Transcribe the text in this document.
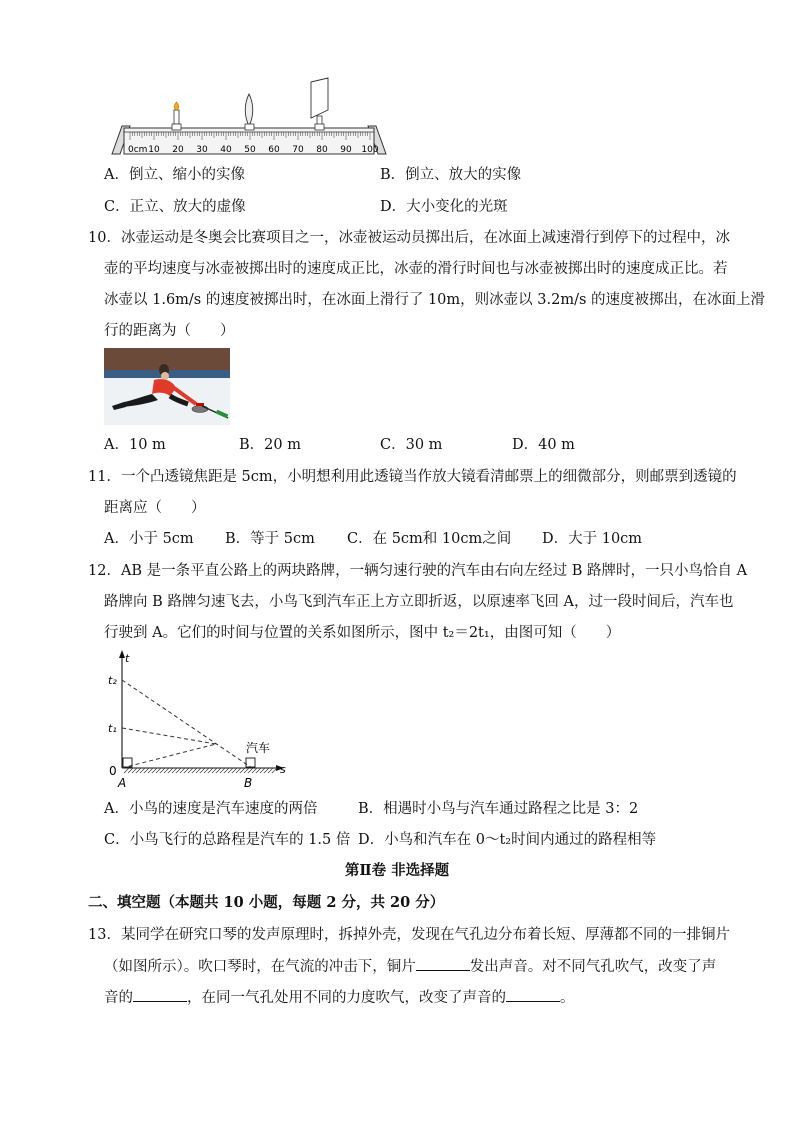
0cm 10 20 30 40 50 60 70 80 90 100
A．倒立、缩小的实像	B．倒立、放大的实像
C．正立、放大的虚像	D．大小变化的光斑
10．冰壶运动是冬奥会比赛项目之一，冰壶被运动员掷出后，在冰面上减速滑行到停下的过程中，冰
壶的平均速度与冰壶被掷出时的速度成正比，冰壶的滑行时间也与冰壶被掷出时的速度成正比。若
冰壶以 1.6m/s 的速度被掷出时，在冰面上滑行了 10m，则冰壶以 3.2m/s 的速度被掷出，在冰面上滑
行的距离为（　　）
A．10 m	B．20 m	C．30 m	D．40 m
11．一个凸透镜焦距是 5cm，小明想利用此透镜当作放大镜看清邮票上的细微部分，则邮票到透镜的
距离应（　　）
A．小于 5cm B．等于 5cm C．在 5cm和 10cm之间 D．大于 10cm
12．AB 是一条平直公路上的两块路牌，一辆匀速行驶的汽车由右向左经过 B 路牌时，一只小鸟恰自 A
路牌向 B 路牌匀速飞去，小鸟飞到汽车正上方立即折返，以原速率飞回 A，过一段时间后，汽车也
行驶到 A。它们的时间与位置的关系如图所示，图中 t₂＝2t₁，由图可知（　　）
t
t₂
t₁
0
A	B
s
汽车
A．小鸟的速度是汽车速度的两倍	B．相遇时小鸟与汽车通过路程之比是 3：2
C．小鸟飞行的总路程是汽车的 1.5 倍 D．小鸟和汽车在 0～t₂时间内通过的路程相等
第Ⅱ卷 非选择题
二、填空题（本题共 10 小题，每题 2 分，共 20 分）
13．某同学在研究口琴的发声原理时，拆掉外壳，发现在气孔边分布着长短、厚薄都不同的一排铜片
（如图所示）。吹口琴时，在气流的冲击下，铜片	发出声音。对不同气孔吹气，改变了声
音的	，在同一气孔处用不同的力度吹气，改变了声音的	。
